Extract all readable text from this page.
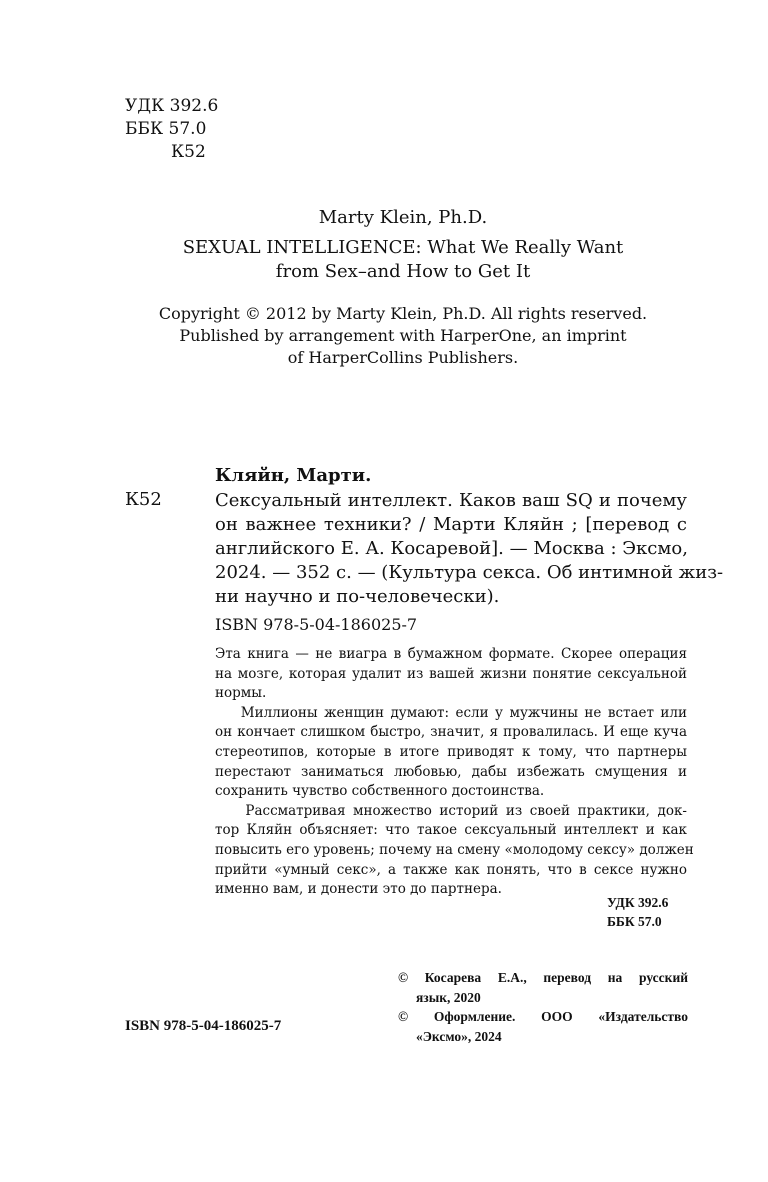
УДК 392.6
ББК 57.0
К52
Marty Klein, Ph.D.
SEXUAL INTELLIGENCE: What We Really Want
from Sex–and How to Get It
Copyright © 2012 by Marty Klein, Ph.D. All rights reserved.
Published by arrangement with HarperOne, an imprint
of HarperCollins Publishers.
Кляйн, Марти.
К52	Сексуальный интеллект. Каков ваш SQ и почему
он важнее техники? / Марти Кляйн ; [перевод с
английского Е. А. Косаревой]. — Москва : Эксмо,
2024. — 352 с. — (Культура секса. Об интимной жиз-
ни научно и по-человечески).
ISBN 978-5-04-186025-7
Эта книга — не виагра в бумажном формате. Скорее операция
на мозге, которая удалит из вашей жизни понятие сексуальной
нормы.
Миллионы женщин думают: если у мужчины не встает или
он кончает слишком быстро, значит, я провалилась. И еще куча
стереотипов, которые в итоге приводят к тому, что партнеры
перестают заниматься любовью, дабы избежать смущения и
сохранить чувство собственного достоинства.
Рассматривая множество историй из своей практики, док-
тор Кляйн объясняет: что такое сексуальный интеллект и как
повысить его уровень; почему на смену «молодому сексу» должен
прийти «умный секс», а также как понять, что в сексе нужно
именно вам, и донести это до партнера.
УДК 392.6
ББК 57.0
© Косарева Е.А., перевод на русский
язык, 2020
© Оформление. ООО «Издательство
«Эксмо», 2024
ISBN 978-5-04-186025-7
